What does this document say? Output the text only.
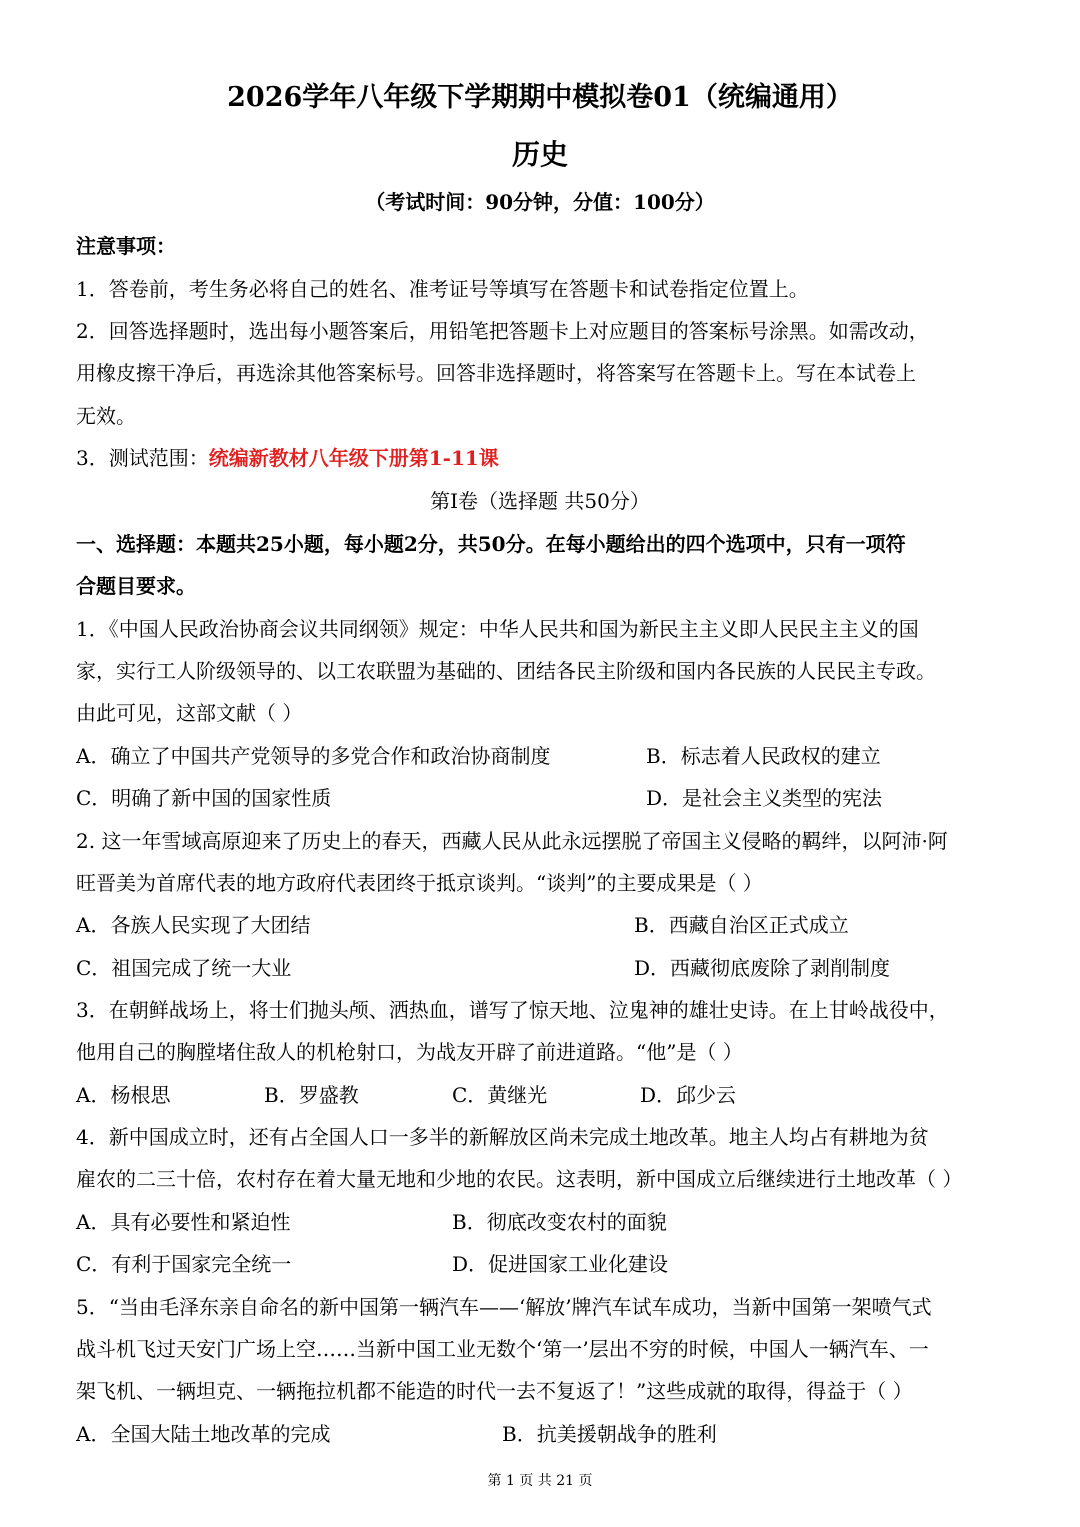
2026学年八年级下学期期中模拟卷01（统编通用）
历史
（考试时间：90分钟，分值：100分）
注意事项：
1．答卷前，考生务必将自己的姓名、准考证号等填写在答题卡和试卷指定位置上。
2．回答选择题时，选出每小题答案后，用铅笔把答题卡上对应题目的答案标号涂黑。如需改动，
用橡皮擦干净后，再选涂其他答案标号。回答非选择题时，将答案写在答题卡上。写在本试卷上
无效。
3．测试范围：统编新教材八年级下册第1-11课
第Ⅰ卷（选择题 共50分）
一、选择题：本题共25小题，每小题2分，共50分。在每小题给出的四个选项中，只有一项符
合题目要求。
1．《中国人民政治协商会议共同纲领》规定：中华人民共和国为新民主主义即人民民主主义的国
家，实行工人阶级领导的、以工农联盟为基础的、团结各民主阶级和国内各民族的人民民主专政。
由此可见，这部文献（ ）
A．确立了中国共产党领导的多党合作和政治协商制度	B．标志着人民政权的建立
C．明确了新中国的国家性质	D．是社会主义类型的宪法
2. 这一年雪域高原迎来了历史上的春天，西藏人民从此永远摆脱了帝国主义侵略的羁绊，以阿沛·阿
旺晋美为首席代表的地方政府代表团终于抵京谈判。“谈判”的主要成果是（ ）
A．各族人民实现了大团结	B．西藏自治区正式成立
C．祖国完成了统一大业	D．西藏彻底废除了剥削制度
3．在朝鲜战场上，将士们抛头颅、洒热血，谱写了惊天地、泣鬼神的雄壮史诗。在上甘岭战役中，
他用自己的胸膛堵住敌人的机枪射口，为战友开辟了前进道路。“他”是（ ）
A．杨根思	B．罗盛教	C．黄继光	D．邱少云
4．新中国成立时，还有占全国人口一多半的新解放区尚未完成土地改革。地主人均占有耕地为贫
雇农的二三十倍，农村存在着大量无地和少地的农民。这表明，新中国成立后继续进行土地改革（ ）
A．具有必要性和紧迫性	B．彻底改变农村的面貌
C．有利于国家完全统一	D．促进国家工业化建设
5．“当由毛泽东亲自命名的新中国第一辆汽车——‘解放’牌汽车试车成功，当新中国第一架喷气式
战斗机飞过天安门广场上空……当新中国工业无数个‘第一’层出不穷的时候，中国人一辆汽车、一
架飞机、一辆坦克、一辆拖拉机都不能造的时代一去不复返了！”这些成就的取得，得益于（ ）
A．全国大陆土地改革的完成	B．抗美援朝战争的胜利
第 1 页 共 21 页
